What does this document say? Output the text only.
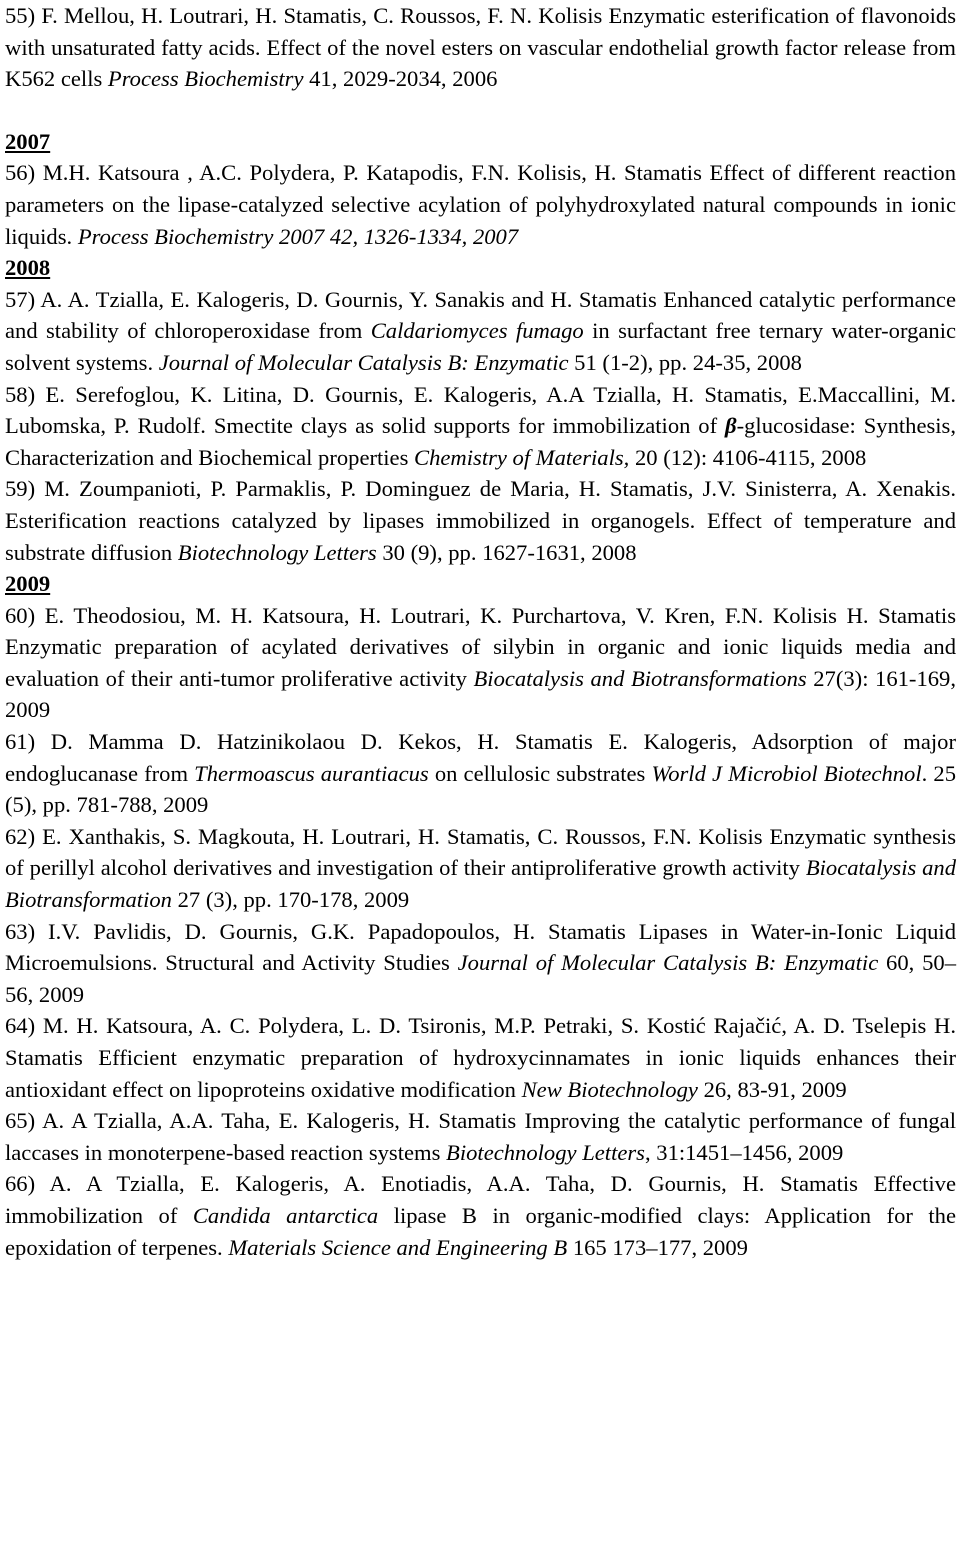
55) F. Mellou, H. Loutrari, H. Stamatis, C. Roussos, F. N. Kolisis Enzymatic esterification of flavonoids with unsaturated fatty acids. Effect of the novel esters on vascular endothelial growth factor release from K562 cells Process Biochemistry 41, 2029-2034, 2006

2007

56) M.H. Katsoura , A.C. Polydera, P. Katapodis, F.N. Kolisis, H. Stamatis Effect of different reaction parameters on the lipase-catalyzed selective acylation of polyhydroxylated natural compounds in ionic liquids. Process Biochemistry 2007 42, 1326-1334, 2007

2008

57) A. A. Tzialla, E. Kalogeris, D. Gournis, Y. Sanakis and H. Stamatis Enhanced catalytic performance and stability of chloroperoxidase from Caldariomyces fumago in surfactant free ternary water-organic solvent systems. Journal of Molecular Catalysis B: Enzymatic 51 (1-2), pp. 24-35, 2008

58) E. Serefoglou, K. Litina, D. Gournis, E. Kalogeris, A.A Tzialla, H. Stamatis, E.Maccallini, M. Lubomska, P. Rudolf. Smectite clays as solid supports for immobilization of β-glucosidase: Synthesis, Characterization and Biochemical properties Chemistry of Materials, 20 (12): 4106-4115, 2008

59) M. Zoumpanioti, P. Parmaklis, P. Dominguez de Maria, H. Stamatis, J.V. Sinisterra, A. Xenakis. Esterification reactions catalyzed by lipases immobilized in organogels. Effect of temperature and substrate diffusion Biotechnology Letters 30 (9), pp. 1627-1631, 2008

2009

60) E. Theodosiou, M. H. Katsoura, H. Loutrari, K. Purchartova, V. Kren, F.N. Kolisis H. Stamatis Enzymatic preparation of acylated derivatives of silybin in organic and ionic liquids media and evaluation of their anti-tumor proliferative activity Biocatalysis and Biotransformations 27(3): 161-169, 2009

61) D. Mamma D. Hatzinikolaou D. Kekos, H. Stamatis E. Kalogeris, Adsorption of major endoglucanase from Thermoascus aurantiacus on cellulosic substrates World J Microbiol Biotechnol. 25 (5), pp. 781-788, 2009

62) E. Xanthakis, S. Magkouta, H. Loutrari, H. Stamatis, C. Roussos, F.N. Kolisis Enzymatic synthesis of perillyl alcohol derivatives and investigation of their antiproliferative growth activity Biocatalysis and Biotransformation 27 (3), pp. 170-178, 2009

63) I.V. Pavlidis, D. Gournis, G.K. Papadopoulos, H. Stamatis Lipases in Water-in-Ionic Liquid Microemulsions. Structural and Activity Studies Journal of Molecular Catalysis B: Enzymatic 60, 50–56, 2009

64) M. H. Katsoura, A. C. Polydera, L. D. Tsironis, M.P. Petraki, S. Kostić Rajačić, A. D. Tselepis H. Stamatis Efficient enzymatic preparation of hydroxycinnamates in ionic liquids enhances their antioxidant effect on lipoproteins oxidative modification New Biotechnology 26, 83-91, 2009

65) A. A Tzialla, A.A. Taha, E. Kalogeris, H. Stamatis Improving the catalytic performance of fungal laccases in monoterpene-based reaction systems Biotechnology Letters, 31:1451–1456, 2009

66) A. A Tzialla, E. Kalogeris, A. Enotiadis, A.A. Taha, D. Gournis, H. Stamatis Effective immobilization of Candida antarctica lipase B in organic-modified clays: Application for the epoxidation of terpenes. Materials Science and Engineering B 165 173–177, 2009
